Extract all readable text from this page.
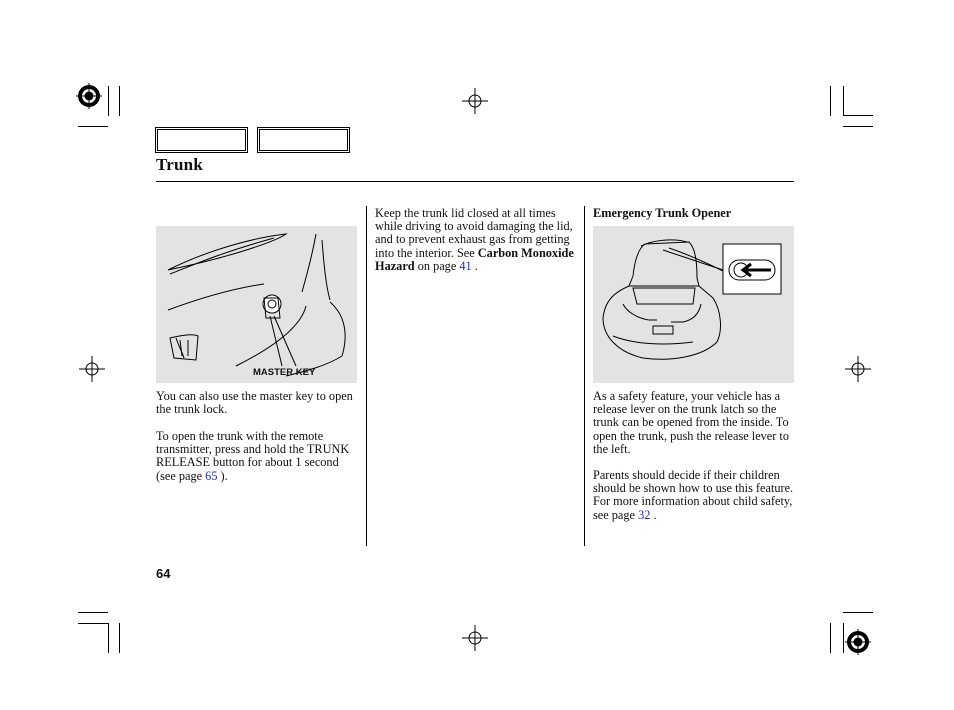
Trunk
MASTER KEY

You can also use the master key to open the trunk lock.

To open the trunk with the remote transmitter, press and hold the TRUNK RELEASE button for about 1 second (see page 65 ).

Keep the trunk lid closed at all times while driving to avoid damaging the lid, and to prevent exhaust gas from getting into the interior. See Carbon Monoxide Hazard on page 41 .

Emergency Trunk Opener

As a safety feature, your vehicle has a release lever on the trunk latch so the trunk can be opened from the inside. To open the trunk, push the release lever to the left.

Parents should decide if their children should be shown how to use this feature. For more information about child safety, see page 32 .

64
